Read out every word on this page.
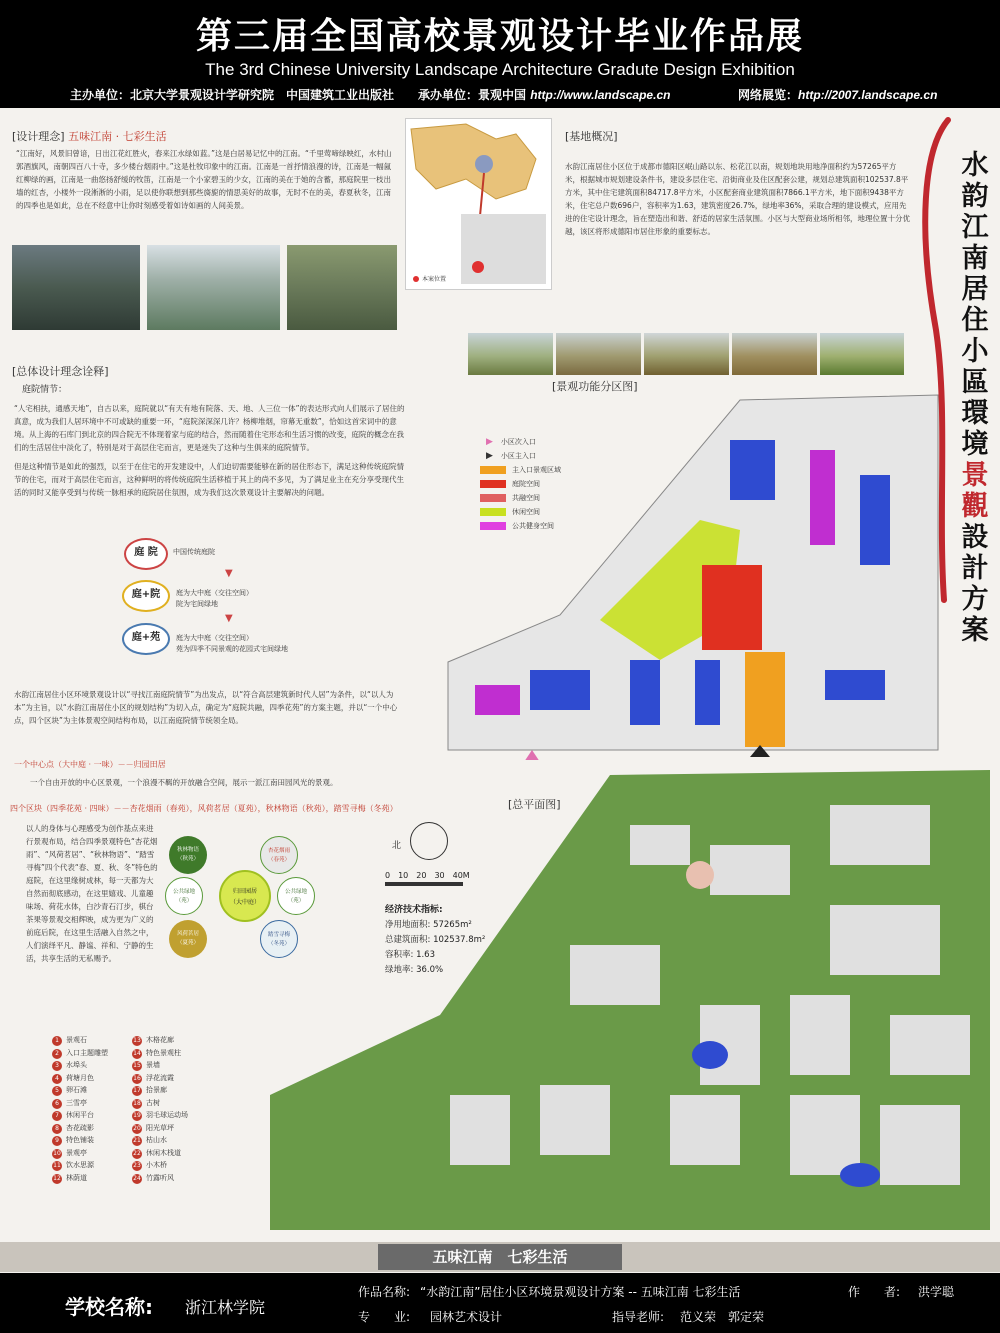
第三届全国高校景观设计毕业作品展
The 3rd Chinese University Landscape Architecture Gradute Design Exhibition
主办单位：北京大学景观设计学研究院　中国建筑工业出版社　　承办单位：景观中国 http://www.landscape.cn	网络展览：http://2007.landscape.cn
[设计理念] 五味江南 · 七彩生活
“江南好，风景旧曾谙，日出江花红胜火，春来江水绿如蓝。”这是白居易记忆中的江南。“千里莺啼绿映红，水村山郭酒旗风，南朝四百八十寺，多少楼台烟雨中。”这是杜牧印象中的江南。江南是一首抒情浪漫的诗，江南是一幅氤红柳绿的画，江南是一曲悠扬舒缓的牧笛，江南是一个小家碧玉的少女，江南的美在于她的含蓄，那庭院里一枝出墙的红杏，小楼外一段淅淅的小雨，足以使你联想到那些旖旎的情思美好的故事，无时不在的美，春夏秋冬，江南的四季也是如此，总在不经意中让你时刻感受着如诗如画的人间美景。
本案位置
[基地概况]
水韵江南居住小区位于成都市德阳区岷山路以东、松花江以南，规划地块用地净面积约为57265平方米，根据城市规划建设条件书，建设多层住宅、沿街商业及住区配套公建，规划总建筑面积102537.8平方米，其中住宅建筑面积84717.8平方米，小区配套商业建筑面积7866.1平方米，地下面积9438平方米，住宅总户数696户，容积率为1.63，建筑密度26.7%，绿地率36%，采取合理的建设模式，应用先进的住宅设计理念，旨在塑造出和谐、舒适的居家生活氛围。小区与大型商业场所相邻，地理位置十分优越，该区将形成德阳市居住形象的重要标志。
水
韵
江
南
居
住
小
區
環
境
景
觀
設
計
方
案
[总体设计理念诠释]
庭院情节：
“人宅相扶，通感天地”，自古以来，庭院就以“有天有地有院落、天、地、人三位一体”的表达形式向人们展示了居住的真意，成为我们人居环境中不可或缺的重要一环，“庭院深深深几许？杨柳堆烟，帘幕无重数”，恰如这首宋词中的意境。从上海的石库门到北京的四合院无不体现着家与庭的结合，然而随着住宅形态和生活习惯的改变，庭院的概念在我们的生活居住中淡化了，特别是对于高层住宅而言，更是迷失了这种与生俱来的庭院情节。
但是这种情节是如此的强烈，以至于在住宅的开发建设中，人们迫切需要能够在新的居住形态下，满足这种传统庭院情节的住宅，而对于高层住宅而言，这种鲜明的将传统庭院生活移植于其上的尚不多见，为了满足业主在充分享受现代生活的同时又能享受到与传统一脉相承的庭院居住氛围，成为我们这次景观设计主要解决的问题。
庭 院	中国传统庭院
▼
庭+院	庭为大中庭（交往空间）
院为宅间绿地
▼
庭+苑	庭为大中庭（交往空间）
苑为四季不同景观的花园式宅间绿地
水韵江南居住小区环境景观设计以“寻找江南庭院情节”为出发点，以“符合高层建筑新时代人居”为条件，以“以人为本”为主旨，以“水韵江南居住小区的规划结构”为切入点，确定为“庭院共融，四季花苑”的方案主题，并以“一个中心点，四个区块”为主体景观空间结构布局，以江南庭院情节统领全局。
一个中心点（大中庭 · 一味）－－归园田居
一个自由开放的中心区景观，一个浪漫不羁的开放融合空间，展示一派江南田园风光的景观。
四个区块（四季花苑 · 四味）－－杏花烟雨（春苑），风荷茗居（夏苑），秋林物语（秋苑），踏雪寻梅（冬苑）
以人的身体与心理感受为创作基点来进行景观布局，结合四季景观特色“杏花烟雨”、“风荷茗居”、“秋林物语”、“踏雪寻梅”四个代表“春、夏、秋、冬”特色的庭院，在这里缘树成林，每一天都为大自然而彻底感动，在这里嬉戏、儿童趣味场、荷花水体，白沙青石汀步，棋台茶果等景观交相辉映，成为更为广义的前庭后院，在这里生活融入自然之中，人们演绎平凡、静谧、祥和、宁静的生活，共享生活的无私赐予。
归田园居
（大中庭）
秋林物语
（秋苑）
杏花烟雨
（春苑）
公共绿地
（苑）
踏雪寻梅
（冬苑）
风荷茗居
（夏苑）
公共绿地
（苑）
1 景观石
2 入口主题雕塑
3 水埠头
4 荷塘月色
5 卵石滩
6 三雪亭
7 休闲平台
8 杏花疏影
9 特色铺装
10 景观亭
11 饮水思源
12 林荫道
13 木格花廊
14 特色景观柱
15 景墙
16 浮花流霞
17 拾景廊
18 古树
19 羽毛球运动场
20 阳光草坪
21 枯山水
22 休闲木栈道
23 小木桥
24 竹露听风
[景观功能分区图]
▶ 小区次入口
▶ 小区主入口
主入口景观区域
庭院空间
共融空间
休闲空间
公共健身空间
[总平面图]
北
0　10　20　30　40M
经济技术指标:
净用地面积: 57265m²
总建筑面积: 102537.8m²
容积率: 1.63
绿地率: 36.0%
五味江南　七彩生活
学校名称: 浙江林学院
作品名称: “水韵江南”居住小区环境景观设计方案 -- 五味江南 七彩生活	作　　者: 洪学聪
专　　业: 园林艺术设计	指导老师: 范义荣　郭定荣
